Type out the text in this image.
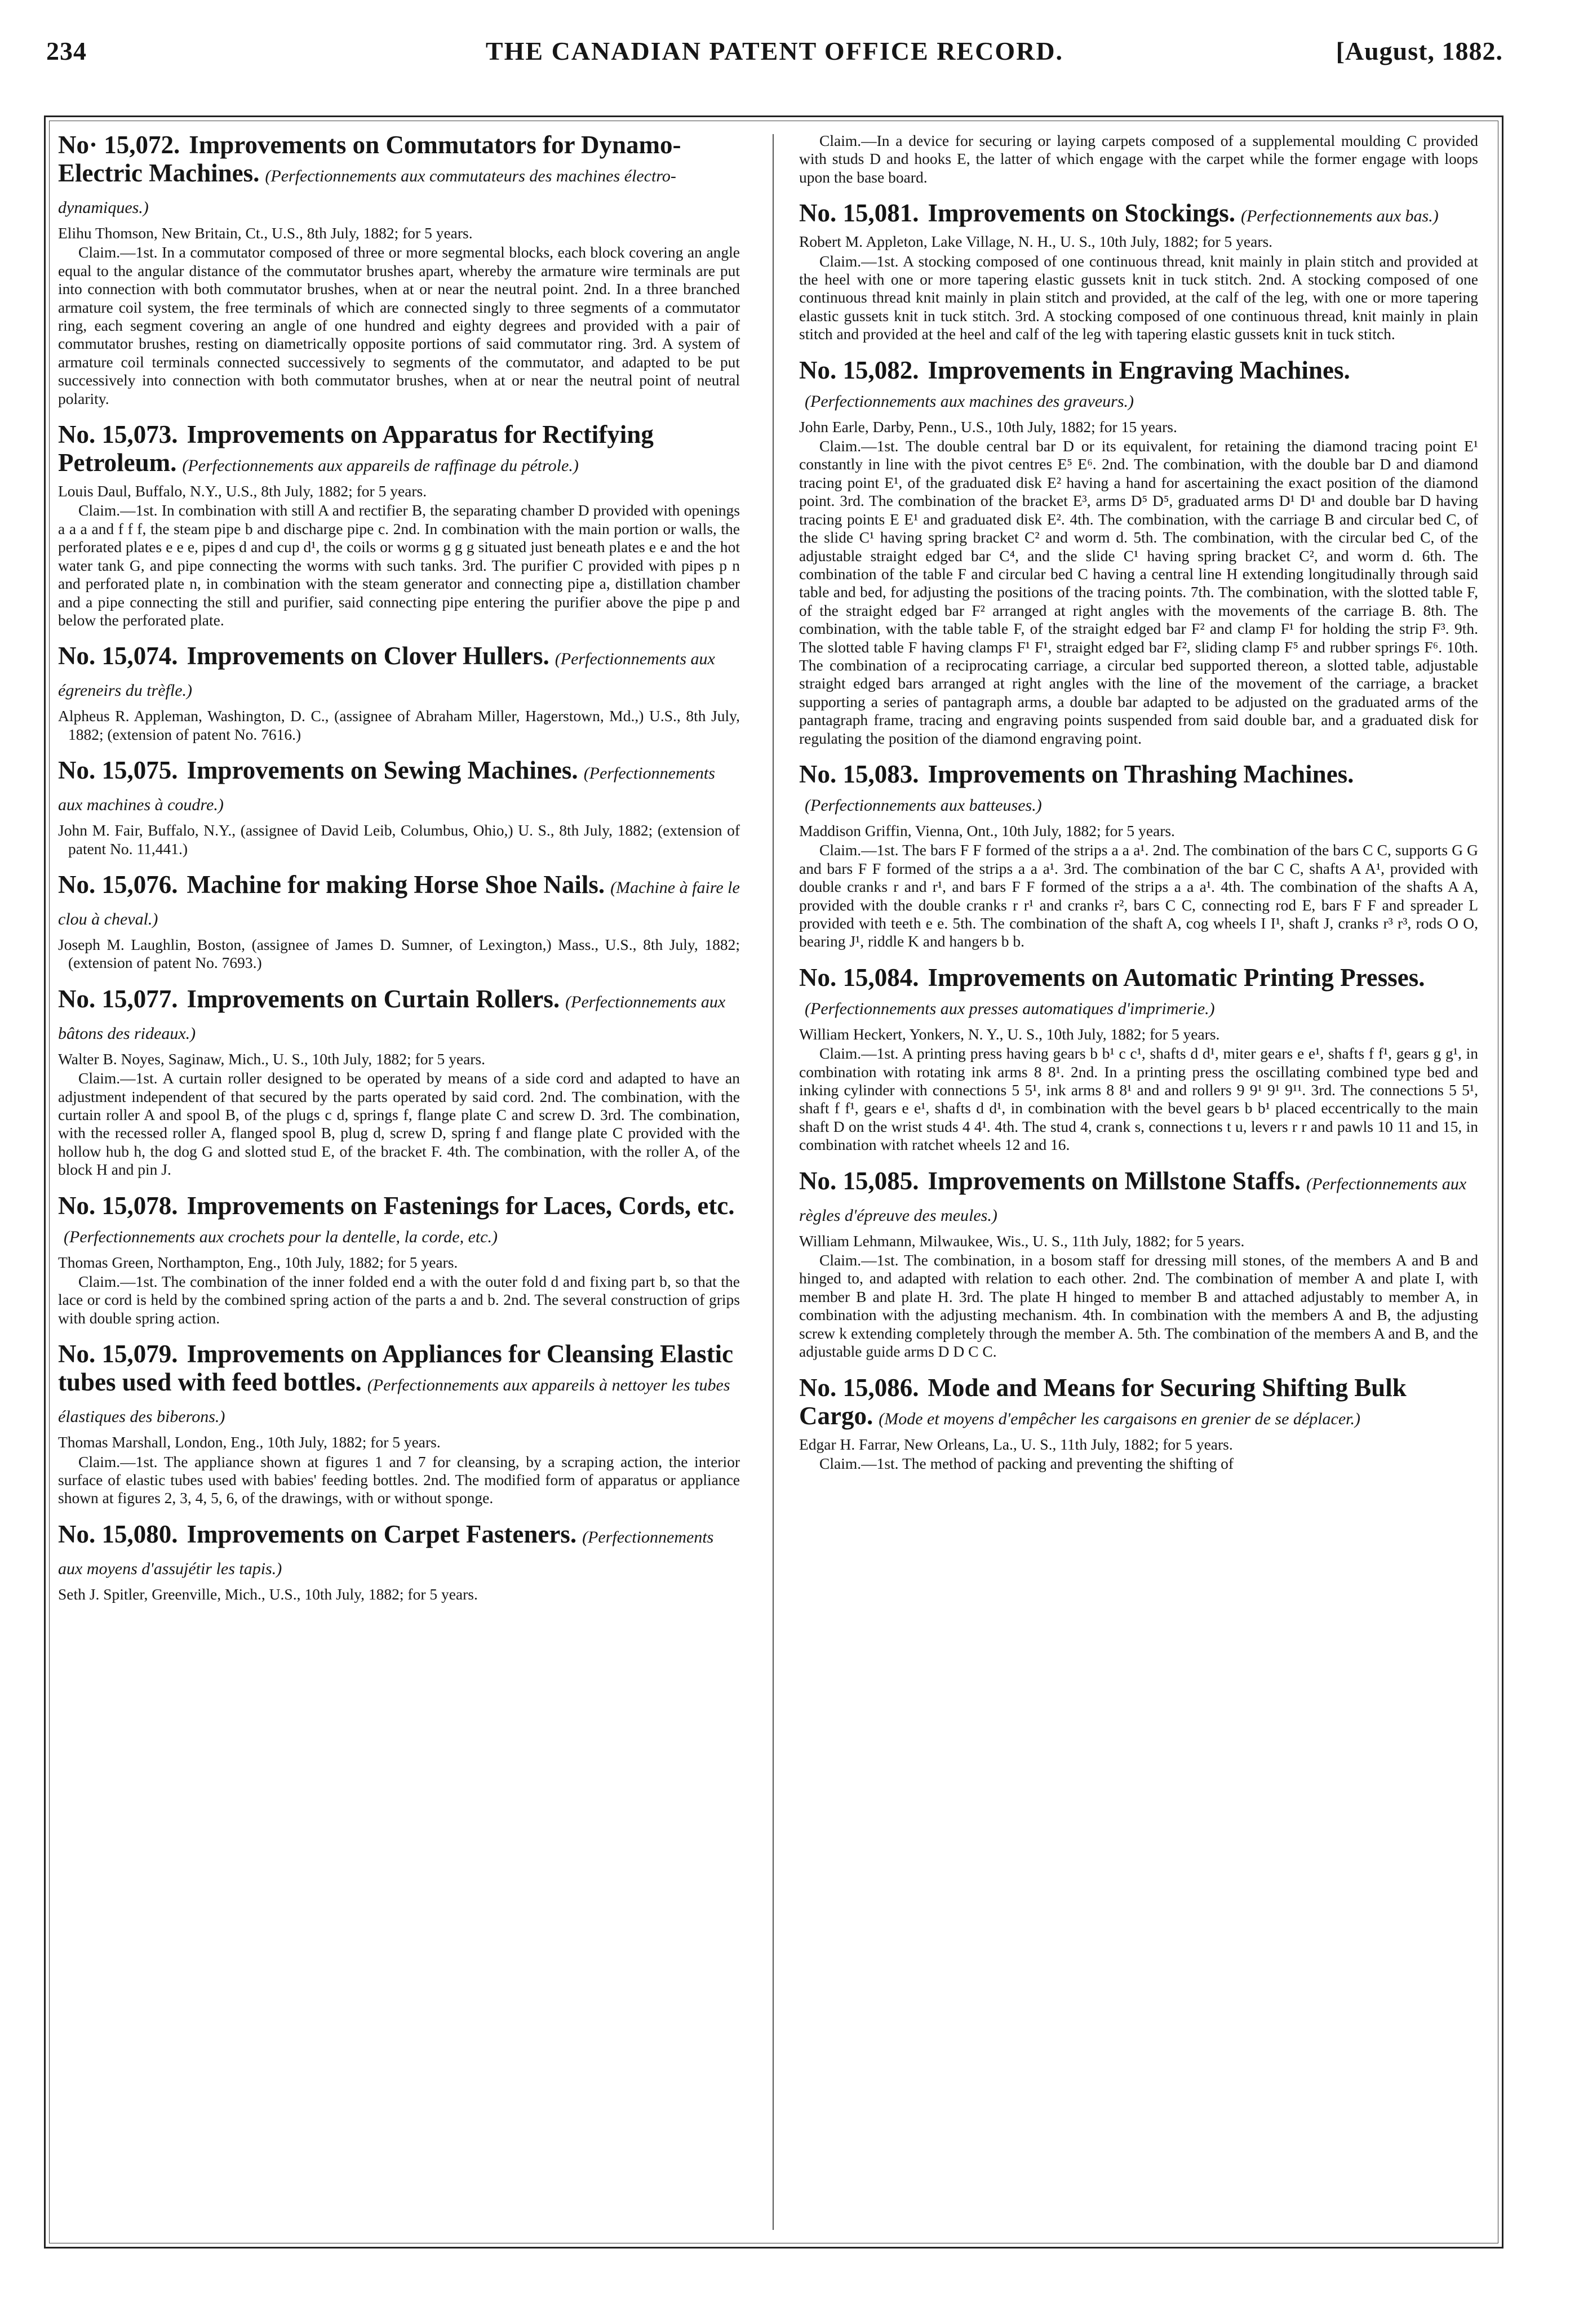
234	THE CANADIAN PATENT OFFICE RECORD.	[August, 1882.
No· 15,072. Improvements on Commutators for Dynamo-Electric Machines. (Perfectionnements aux commutateurs des machines électro-dynamiques.)
Elihu Thomson, New Britain, Ct., U.S., 8th July, 1882; for 5 years.
Claim.—1st. In a commutator composed of three or more segmental blocks, each block covering an angle equal to the angular distance of the commutator brushes apart, whereby the armature wire terminals are put into connection with both commutator brushes, when at or near the neutral point. 2nd. In a three branched armature coil system, the free terminals of which are connected singly to three segments of a commutator ring, each segment covering an angle of one hundred and eighty degrees and provided with a pair of commutator brushes, resting on diametrically opposite portions of said commutator ring. 3rd. A system of armature coil terminals connected successively to segments of the commutator, and adapted to be put successively into connection with both commutator brushes, when at or near the neutral point of neutral polarity.
No. 15,073. Improvements on Apparatus for Rectifying Petroleum. (Perfectionnements aux appareils de raffinage du pétrole.)
Louis Daul, Buffalo, N.Y., U.S., 8th July, 1882; for 5 years.
Claim.—1st. In combination with still A and rectifier B, the separating chamber D provided with openings a a a and f f f, the steam pipe b and discharge pipe c. 2nd. In combination with the main portion or walls, the perforated plates e e e, pipes d and cup d¹, the coils or worms g g g situated just beneath plates e e and the hot water tank G, and pipe connecting the worms with such tanks. 3rd. The purifier C provided with pipes p n and perforated plate n, in combination with the steam generator and connecting pipe a, distillation chamber and a pipe connecting the still and purifier, said connecting pipe entering the purifier above the pipe p and below the perforated plate.
No. 15,074. Improvements on Clover Hullers. (Perfectionnements aux égreneirs du trèfle.)
Alpheus R. Appleman, Washington, D. C., (assignee of Abraham Miller, Hagerstown, Md.,) U.S., 8th July, 1882; (extension of patent No. 7616.)
No. 15,075. Improvements on Sewing Machines. (Perfectionnements aux machines à coudre.)
John M. Fair, Buffalo, N.Y., (assignee of David Leib, Columbus, Ohio,) U. S., 8th July, 1882; (extension of patent No. 11,441.)
No. 15,076. Machine for making Horse Shoe Nails. (Machine à faire le clou à cheval.)
Joseph M. Laughlin, Boston, (assignee of James D. Sumner, of Lexington,) Mass., U.S., 8th July, 1882; (extension of patent No. 7693.)
No. 15,077. Improvements on Curtain Rollers. (Perfectionnements aux bâtons des rideaux.)
Walter B. Noyes, Saginaw, Mich., U. S., 10th July, 1882; for 5 years.
Claim.—1st. A curtain roller designed to be operated by means of a side cord and adapted to have an adjustment independent of that secured by the parts operated by said cord. 2nd. The combination, with the curtain roller A and spool B, of the plugs c d, springs f, flange plate C and screw D. 3rd. The combination, with the recessed roller A, flanged spool B, plug d, screw D, spring f and flange plate C provided with the hollow hub h, the dog G and slotted stud E, of the bracket F. 4th. The combination, with the roller A, of the block H and pin J.
No. 15,078. Improvements on Fastenings for Laces, Cords, etc.(Perfectionnements aux crochets pour la dentelle, la corde, etc.)
Thomas Green, Northampton, Eng., 10th July, 1882; for 5 years.
Claim.—1st. The combination of the inner folded end a with the outer fold d and fixing part b, so that the lace or cord is held by the combined spring action of the parts a and b. 2nd. The several construction of grips with double spring action.
No. 15,079. Improvements on Appliances for Cleansing Elastic tubes used with feed bottles. (Perfectionnements aux appareils à nettoyer les tubes élastiques des biberons.)
Thomas Marshall, London, Eng., 10th July, 1882; for 5 years.
Claim.—1st. The appliance shown at figures 1 and 7 for cleansing, by a scraping action, the interior surface of elastic tubes used with babies' feeding bottles. 2nd. The modified form of apparatus or appliance shown at figures 2, 3, 4, 5, 6, of the drawings, with or without sponge.
No. 15,080. Improvements on Carpet Fasteners. (Perfectionnements aux moyens d'assujétir les tapis.)
Seth J. Spitler, Greenville, Mich., U.S., 10th July, 1882; for 5 years.
Claim.—In a device for securing or laying carpets composed of a supplemental moulding C provided with studs D and hooks E, the latter of which engage with the carpet while the former engage with loops upon the base board.
No. 15,081. Improvements on Stockings. (Perfectionnements aux bas.)
Robert M. Appleton, Lake Village, N. H., U. S., 10th July, 1882; for 5 years.
Claim.—1st. A stocking composed of one continuous thread, knit mainly in plain stitch and provided at the heel with one or more tapering elastic gussets knit in tuck stitch. 2nd. A stocking composed of one continuous thread knit mainly in plain stitch and provided, at the calf of the leg, with one or more tapering elastic gussets knit in tuck stitch. 3rd. A stocking composed of one continuous thread, knit mainly in plain stitch and provided at the heel and calf of the leg with tapering elastic gussets knit in tuck stitch.
No. 15,082. Improvements in Engraving Machines.(Perfectionnements aux machines des graveurs.)
John Earle, Darby, Penn., U.S., 10th July, 1882; for 15 years.
Claim.—1st. The double central bar D or its equivalent, for retaining the diamond tracing point E¹ constantly in line with the pivot centres E⁵ E⁶. 2nd. The combination, with the double bar D and diamond tracing point E¹, of the graduated disk E² having a hand for ascertaining the exact position of the diamond point. 3rd. The combination of the bracket E³, arms D⁵ D⁵, graduated arms D¹ D¹ and double bar D having tracing points E E¹ and graduated disk E². 4th. The combination, with the carriage B and circular bed C, of the slide C¹ having spring bracket C² and worm d. 5th. The combination, with the circular bed C, of the adjustable straight edged bar C⁴, and the slide C¹ having spring bracket C², and worm d. 6th. The combination of the table F and circular bed C having a central line H extending longitudinally through said table and bed, for adjusting the positions of the tracing points. 7th. The combination, with the slotted table F, of the straight edged bar F² arranged at right angles with the movements of the carriage B. 8th. The combination, with the table table F, of the straight edged bar F² and clamp F¹ for holding the strip F³. 9th. The slotted table F having clamps F¹ F¹, straight edged bar F², sliding clamp F⁵ and rubber springs F⁶. 10th. The combination of a reciprocating carriage, a circular bed supported thereon, a slotted table, adjustable straight edged bars arranged at right angles with the line of the movement of the carriage, a bracket supporting a series of pantagraph arms, a double bar adapted to be adjusted on the graduated arms of the pantagraph frame, tracing and engraving points suspended from said double bar, and a graduated disk for regulating the position of the diamond engraving point.
No. 15,083. Improvements on Thrashing Machines.(Perfectionnements aux batteuses.)
Maddison Griffin, Vienna, Ont., 10th July, 1882; for 5 years.
Claim.—1st. The bars F F formed of the strips a a a¹. 2nd. The combination of the bars C C, supports G G and bars F F formed of the strips a a a¹. 3rd. The combination of the bar C C, shafts A A¹, provided with double cranks r and r¹, and bars F F formed of the strips a a a¹. 4th. The combination of the shafts A A, provided with the double cranks r r¹ and cranks r², bars C C, connecting rod E, bars F F and spreader L provided with teeth e e. 5th. The combination of the shaft A, cog wheels I I¹, shaft J, cranks r³ r³, rods O O, bearing J¹, riddle K and hangers b b.
No. 15,084. Improvements on Automatic Printing Presses.(Perfectionnements aux presses automatiques d'imprimerie.)
William Heckert, Yonkers, N. Y., U. S., 10th July, 1882; for 5 years.
Claim.—1st. A printing press having gears b b¹ c c¹, shafts d d¹, miter gears e e¹, shafts f f¹, gears g g¹, in combination with rotating ink arms 8 8¹. 2nd. In a printing press the oscillating combined type bed and inking cylinder with connections 5 5¹, ink arms 8 8¹ and and rollers 9 9¹ 9¹ 9¹¹. 3rd. The connections 5 5¹, shaft f f¹, gears e e¹, shafts d d¹, in combination with the bevel gears b b¹ placed eccentrically to the main shaft D on the wrist studs 4 4¹. 4th. The stud 4, crank s, connections t u, levers r r and pawls 10 11 and 15, in combination with ratchet wheels 12 and 16.
No. 15,085. Improvements on Millstone Staffs. (Perfectionnements aux règles d'épreuve des meules.)
William Lehmann, Milwaukee, Wis., U. S., 11th July, 1882; for 5 years.
Claim.—1st. The combination, in a bosom staff for dressing mill stones, of the members A and B and hinged to, and adapted with relation to each other. 2nd. The combination of member A and plate I, with member B and plate H. 3rd. The plate H hinged to member B and attached adjustably to member A, in combination with the adjusting mechanism. 4th. In combination with the members A and B, the adjusting screw k extending completely through the member A. 5th. The combination of the members A and B, and the adjustable guide arms D D C C.
No. 15,086. Mode and Means for Securing Shifting Bulk Cargo. (Mode et moyens d'empêcher les cargaisons en grenier de se déplacer.)
Edgar H. Farrar, New Orleans, La., U. S., 11th July, 1882; for 5 years.
Claim.—1st. The method of packing and preventing the shifting of
